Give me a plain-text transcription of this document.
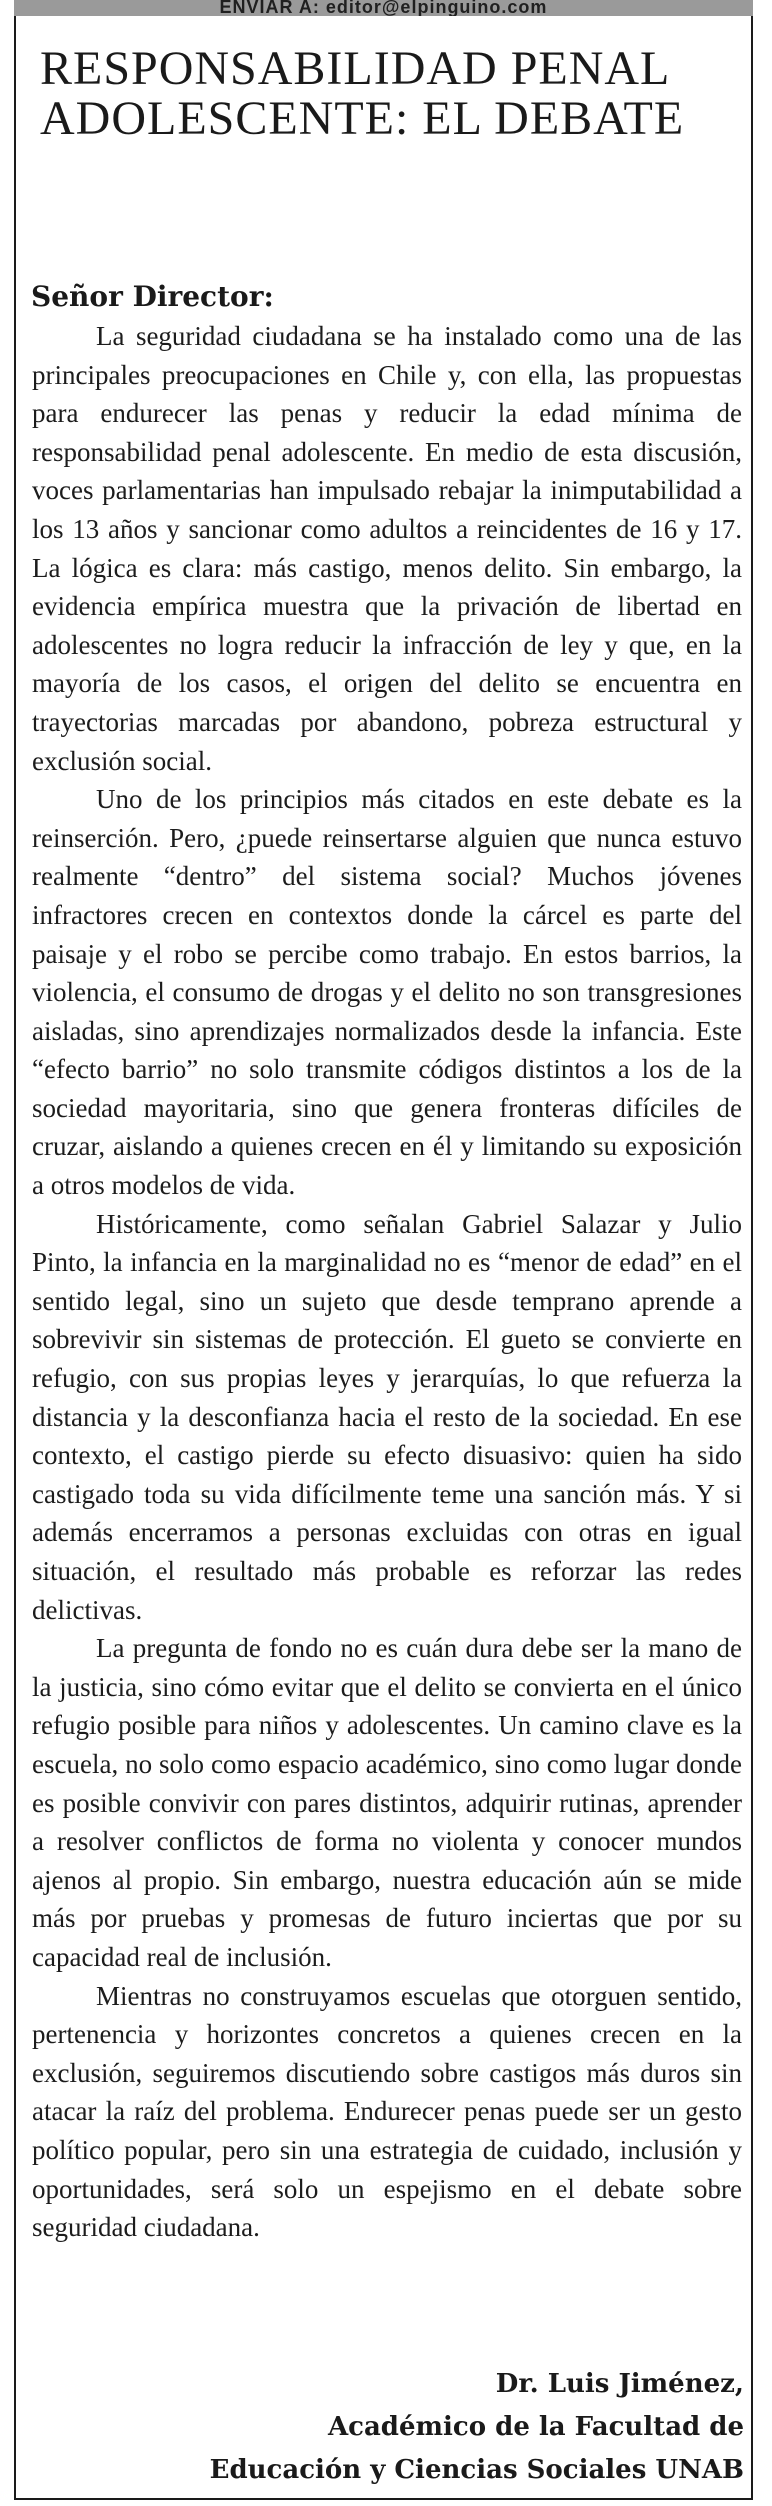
ENVIAR A: editor@elpinguino.com
RESPONSABILIDAD PENAL ADOLESCENTE: EL DEBATE
Señor Director:

La seguridad ciudadana se ha instalado como una de las principales preocupaciones en Chile y, con ella, las propuestas para endurecer las penas y reducir la edad mínima de responsabilidad penal adolescente. En medio de esta discusión, voces parlamentarias han impulsado rebajar la inimputabilidad a los 13 años y sancionar como adultos a reincidentes de 16 y 17. La lógica es clara: más castigo, menos delito. Sin embargo, la evidencia empírica muestra que la privación de libertad en adolescentes no logra reducir la infracción de ley y que, en la mayoría de los casos, el origen del delito se encuentra en trayectorias marcadas por abandono, pobreza estructural y exclusión social.

Uno de los principios más citados en este debate es la reinserción. Pero, ¿puede reinsertarse alguien que nunca estuvo realmente “dentro” del sistema social? Muchos jóvenes infractores crecen en contextos donde la cárcel es parte del paisaje y el robo se percibe como trabajo. En estos barrios, la violencia, el consumo de drogas y el delito no son transgresiones aisladas, sino aprendizajes normalizados desde la infancia. Este “efecto barrio” no solo transmite códigos distintos a los de la sociedad mayoritaria, sino que genera fronteras difíciles de cruzar, aislando a quienes crecen en él y limitando su exposición a otros modelos de vida.

Históricamente, como señalan Gabriel Salazar y Julio Pinto, la infancia en la marginalidad no es “menor de edad” en el sentido legal, sino un sujeto que desde temprano aprende a sobrevivir sin sistemas de protección. El gueto se convierte en refugio, con sus propias leyes y jerarquías, lo que refuerza la distancia y la desconfianza hacia el resto de la sociedad. En ese contexto, el castigo pierde su efecto disuasivo: quien ha sido castigado toda su vida difícilmente teme una sanción más. Y si además encerramos a personas excluidas con otras en igual situación, el resultado más probable es reforzar las redes delictivas.

La pregunta de fondo no es cuán dura debe ser la mano de la justicia, sino cómo evitar que el delito se convierta en el único refugio posible para niños y adolescentes. Un camino clave es la escuela, no solo como espacio académico, sino como lugar donde es posible convivir con pares distintos, adquirir rutinas, aprender a resolver conflictos de forma no violenta y conocer mundos ajenos al propio. Sin embargo, nuestra educación aún se mide más por pruebas y promesas de futuro inciertas que por su capacidad real de inclusión.

Mientras no construyamos escuelas que otorguen sentido, pertenencia y horizontes concretos a quienes crecen en la exclusión, seguiremos discutiendo sobre castigos más duros sin atacar la raíz del problema. Endurecer penas puede ser un gesto político popular, pero sin una estrategia de cuidado, inclusión y oportunidades, será solo un espejismo en el debate sobre seguridad ciudadana.

Dr. Luis Jiménez,
Académico de la Facultad de
Educación y Ciencias Sociales UNAB
